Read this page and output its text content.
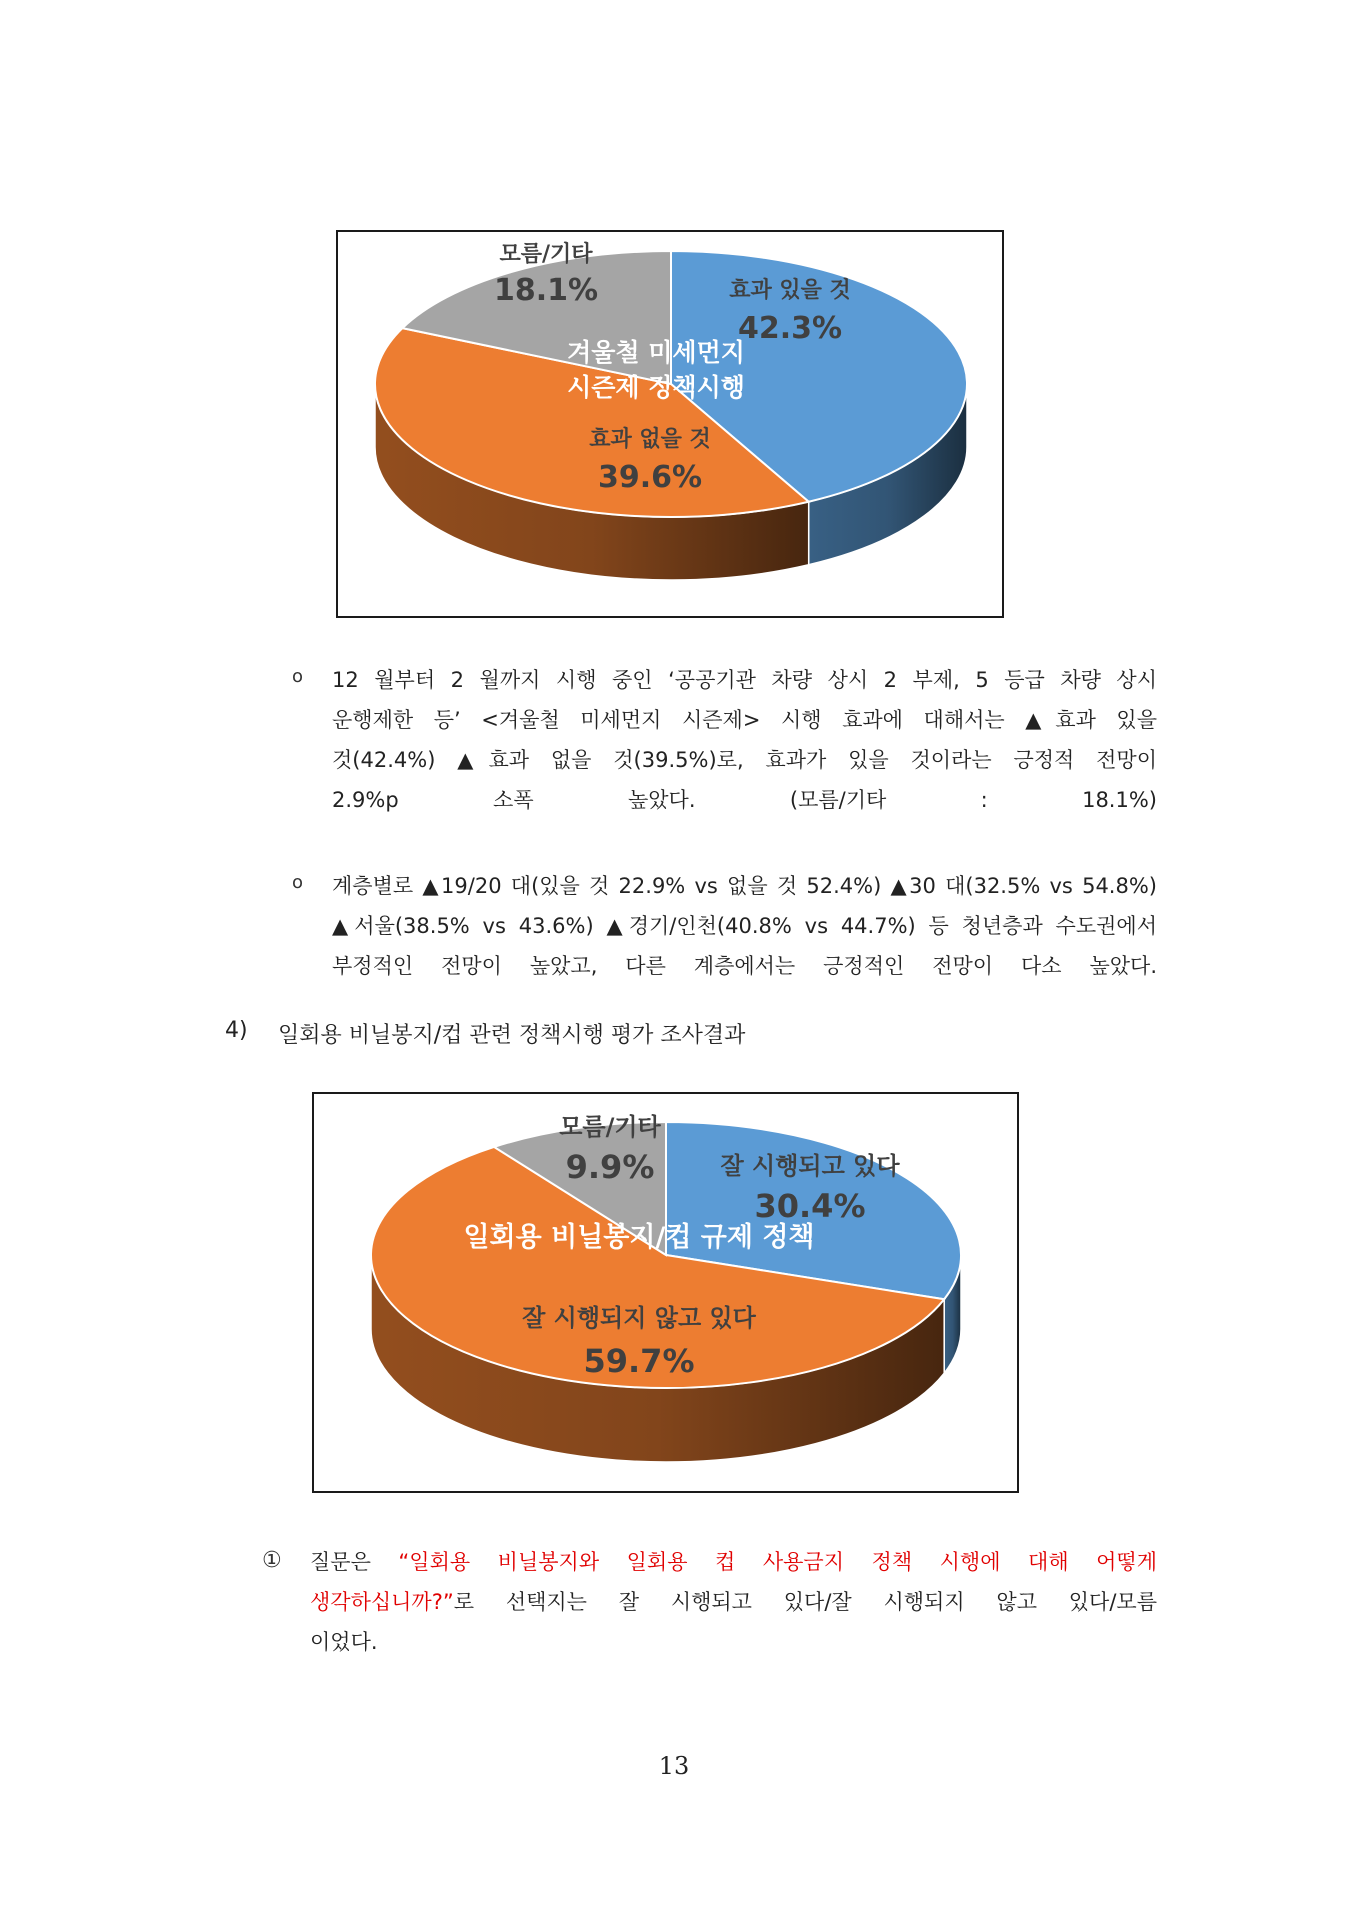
모름/기타
18.1%	효과 있을 것
42.3%
겨울철 미세먼지
시즌제 정책시행
효과 없을 것
39.6%
o 12 월부터 2 월까지 시행 중인 ‘공공기관 차량 상시 2 부제, 5 등급 차량 상시
운행제한 등’ <겨울철 미세먼지 시즌제> 시행 효과에 대해서는 ▲효과 있을
것(42.4%) ▲효과 없을 것(39.5%)로, 효과가 있을 것이라는 긍정적 전망이
2.9%p 소폭 높았다. (모름/기타 : 18.1%)
o 계층별로 ▲19/20 대(있을 것 22.9% vs 없을 것 52.4%) ▲30 대(32.5% vs 54.8%)
▲서울(38.5% vs 43.6%) ▲경기/인천(40.8% vs 44.7%) 등 청년층과 수도권에서
부정적인 전망이 높았고, 다른 계층에서는 긍정적인 전망이 다소 높았다.
4) 일회용 비닐봉지/컵 관련 정책시행 평가 조사결과
모름/기타
9.9%	잘 시행되고 있다
30.4%
일회용 비닐봉지/컵 규제 정책
잘 시행되지 않고 있다
59.7%
① 질문은 “일회용 비닐봉지와 일회용 컵 사용금지 정책 시행에 대해 어떻게
생각하십니까?”로 선택지는 잘 시행되고 있다/잘 시행되지 않고 있다/모름
이었다.
13
